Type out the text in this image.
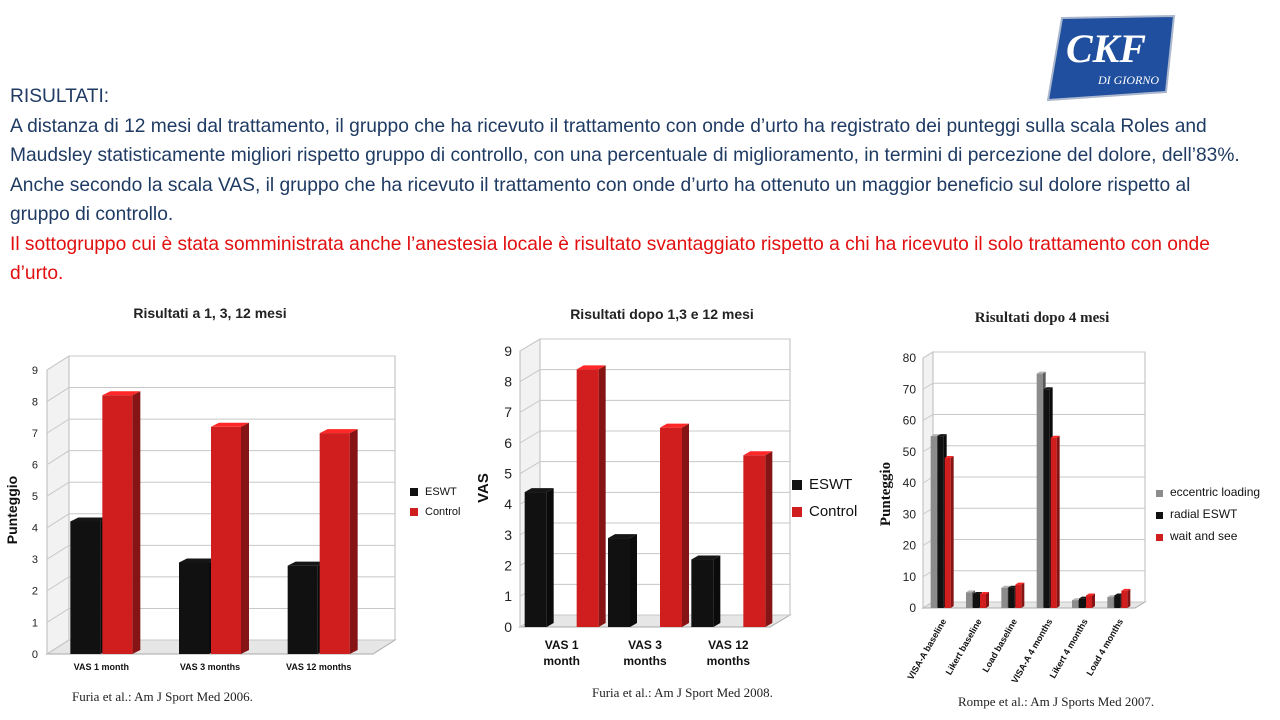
CKF
DI GIORNO

RISULTATI:

A distanza di 12 mesi dal trattamento, il gruppo che ha ricevuto il trattamento con onde d’urto ha registrato dei punteggi sulla scala Roles and Maudsley statisticamente migliori rispetto gruppo di controllo, con una percentuale di miglioramento, in termini di percezione del dolore, dell’83%. Anche secondo la scala VAS, il gruppo che ha ricevuto il trattamento con onde d’urto ha ottenuto un maggior beneficio sul dolore rispetto al gruppo di controllo.

Il sottogruppo cui è stata somministrata anche l’anestesia locale è risultato svantaggiato rispetto a chi ha ricevuto il solo trattamento con onde d’urto.

Risultati a 1, 3, 12 mesi
0
1
2
3
4
5
6
7
8
9
Punteggio
VAS 1 month	VAS 3 months	VAS 12 months
ESWT
Control
Furia et al.: Am J Sport Med 2006.
Risultati dopo 1,3 e 12 mesi
0
1
2
3
4
5
6
7
8
9
VAS
VAS 1
month
VAS 3
months
VAS 12
months
ESWT
Control
Furia et al.: Am J Sport Med 2008.
Risultati dopo 4 mesi
0
10
20
30
40
50
60
70
80
Punteggio
VISA-A baseline
Likert baseline
Load baseline
VISA-A 4 months
Likert 4 months
Load 4 months
eccentric loading
radial ESWT
wait and see
Rompe et al.: Am J Sports Med 2007.
